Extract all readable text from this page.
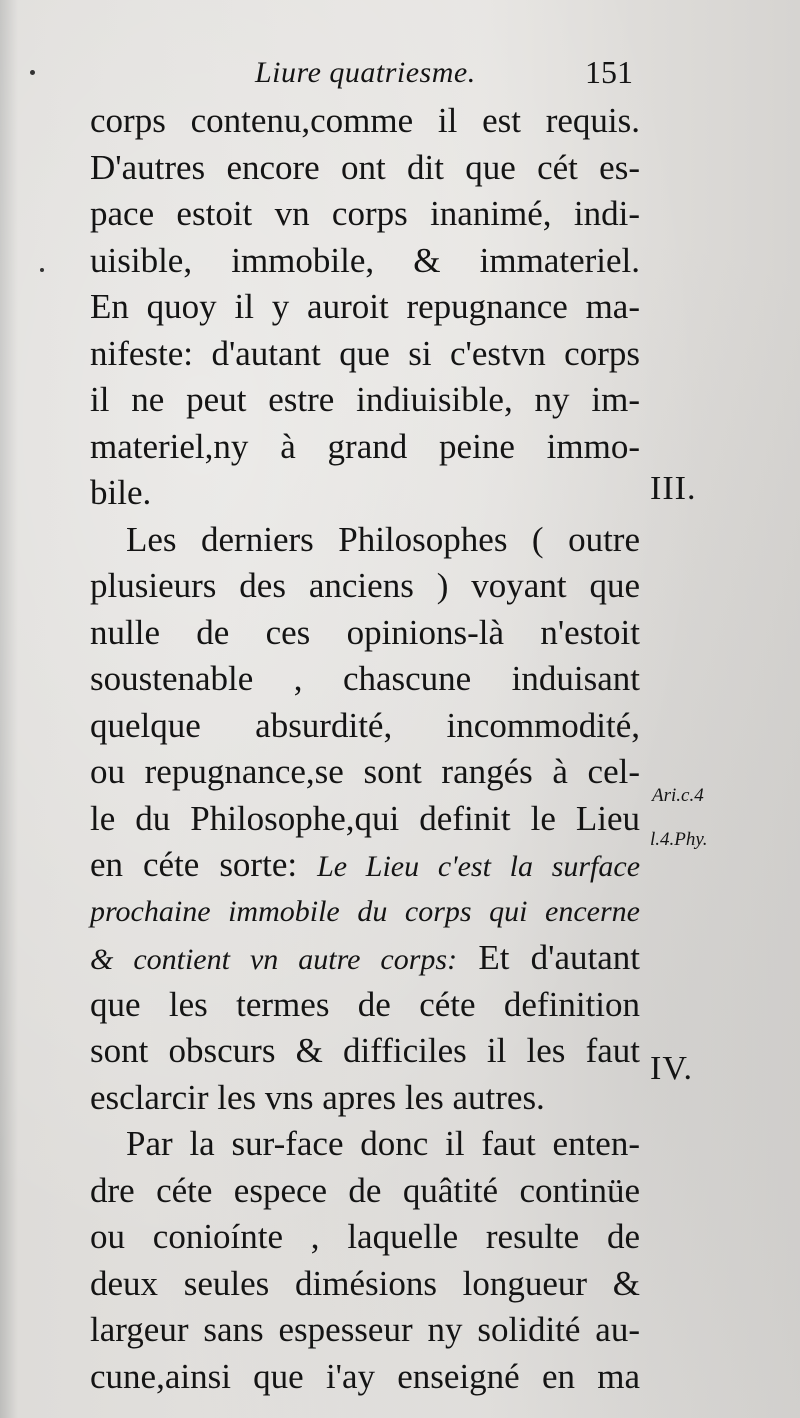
Liure quatriesme.	151
corps contenu,comme il est requis.
D'autres encore ont dit que cét es-
pace estoit vn corps inanimé, indi-
uisible, immobile, & immateriel.
En quoy il y auroit repugnance ma-
nifeste: d'autant que si c'estvn corps
il ne peut estre indiuisible, ny im-
materiel,ny à grand peine immo-
bile.
Les derniers Philosophes ( outre
plusieurs des anciens ) voyant que
nulle de ces opinions-là n'estoit
soustenable , chascune induisant
quelque absurdité, incommodité,
ou repugnance,se sont rangés à cel-
le du Philosophe,qui definit le Lieu
en céte sorte: Le Lieu c'est la surface
prochaine immobile du corps qui encerne
& contient vn autre corps: Et d'autant
que les termes de céte definition
sont obscurs & difficiles il les faut
esclarcir les vns apres les autres.
Par la sur-face donc il faut enten-
dre céte espece de quâtité continüe
ou conioínte , laquelle resulte de
deux seules dimésions longueur &
largeur sans espesseur ny solidité au-
cune,ainsi que i'ay enseigné en ma
III.
IV.
Ari.c.4
l.4.Phy.
